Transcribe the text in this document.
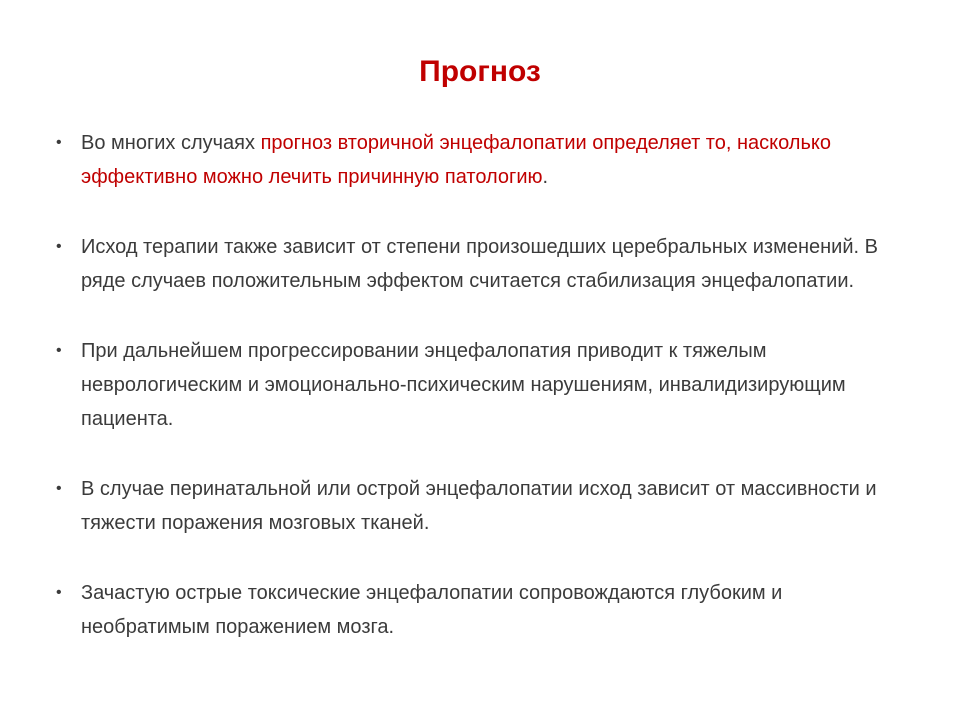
Прогноз
• Во многих случаях прогноз вторичной энцефалопатии определяет то, насколько эффективно можно лечить причинную патологию.
• Исход терапии также зависит от степени произошедших церебральных изменений. В ряде случаев положительным эффектом считается стабилизация энцефалопатии.
• При дальнейшем прогрессировании энцефалопатия приводит к тяжелым неврологическим и эмоционально-психическим нарушениям, инвалидизирующим пациента.
• В случае перинатальной или острой энцефалопатии исход зависит от массивности и тяжести поражения мозговых тканей.
• Зачастую острые токсические энцефалопатии сопровождаются глубоким и необратимым поражением мозга.
